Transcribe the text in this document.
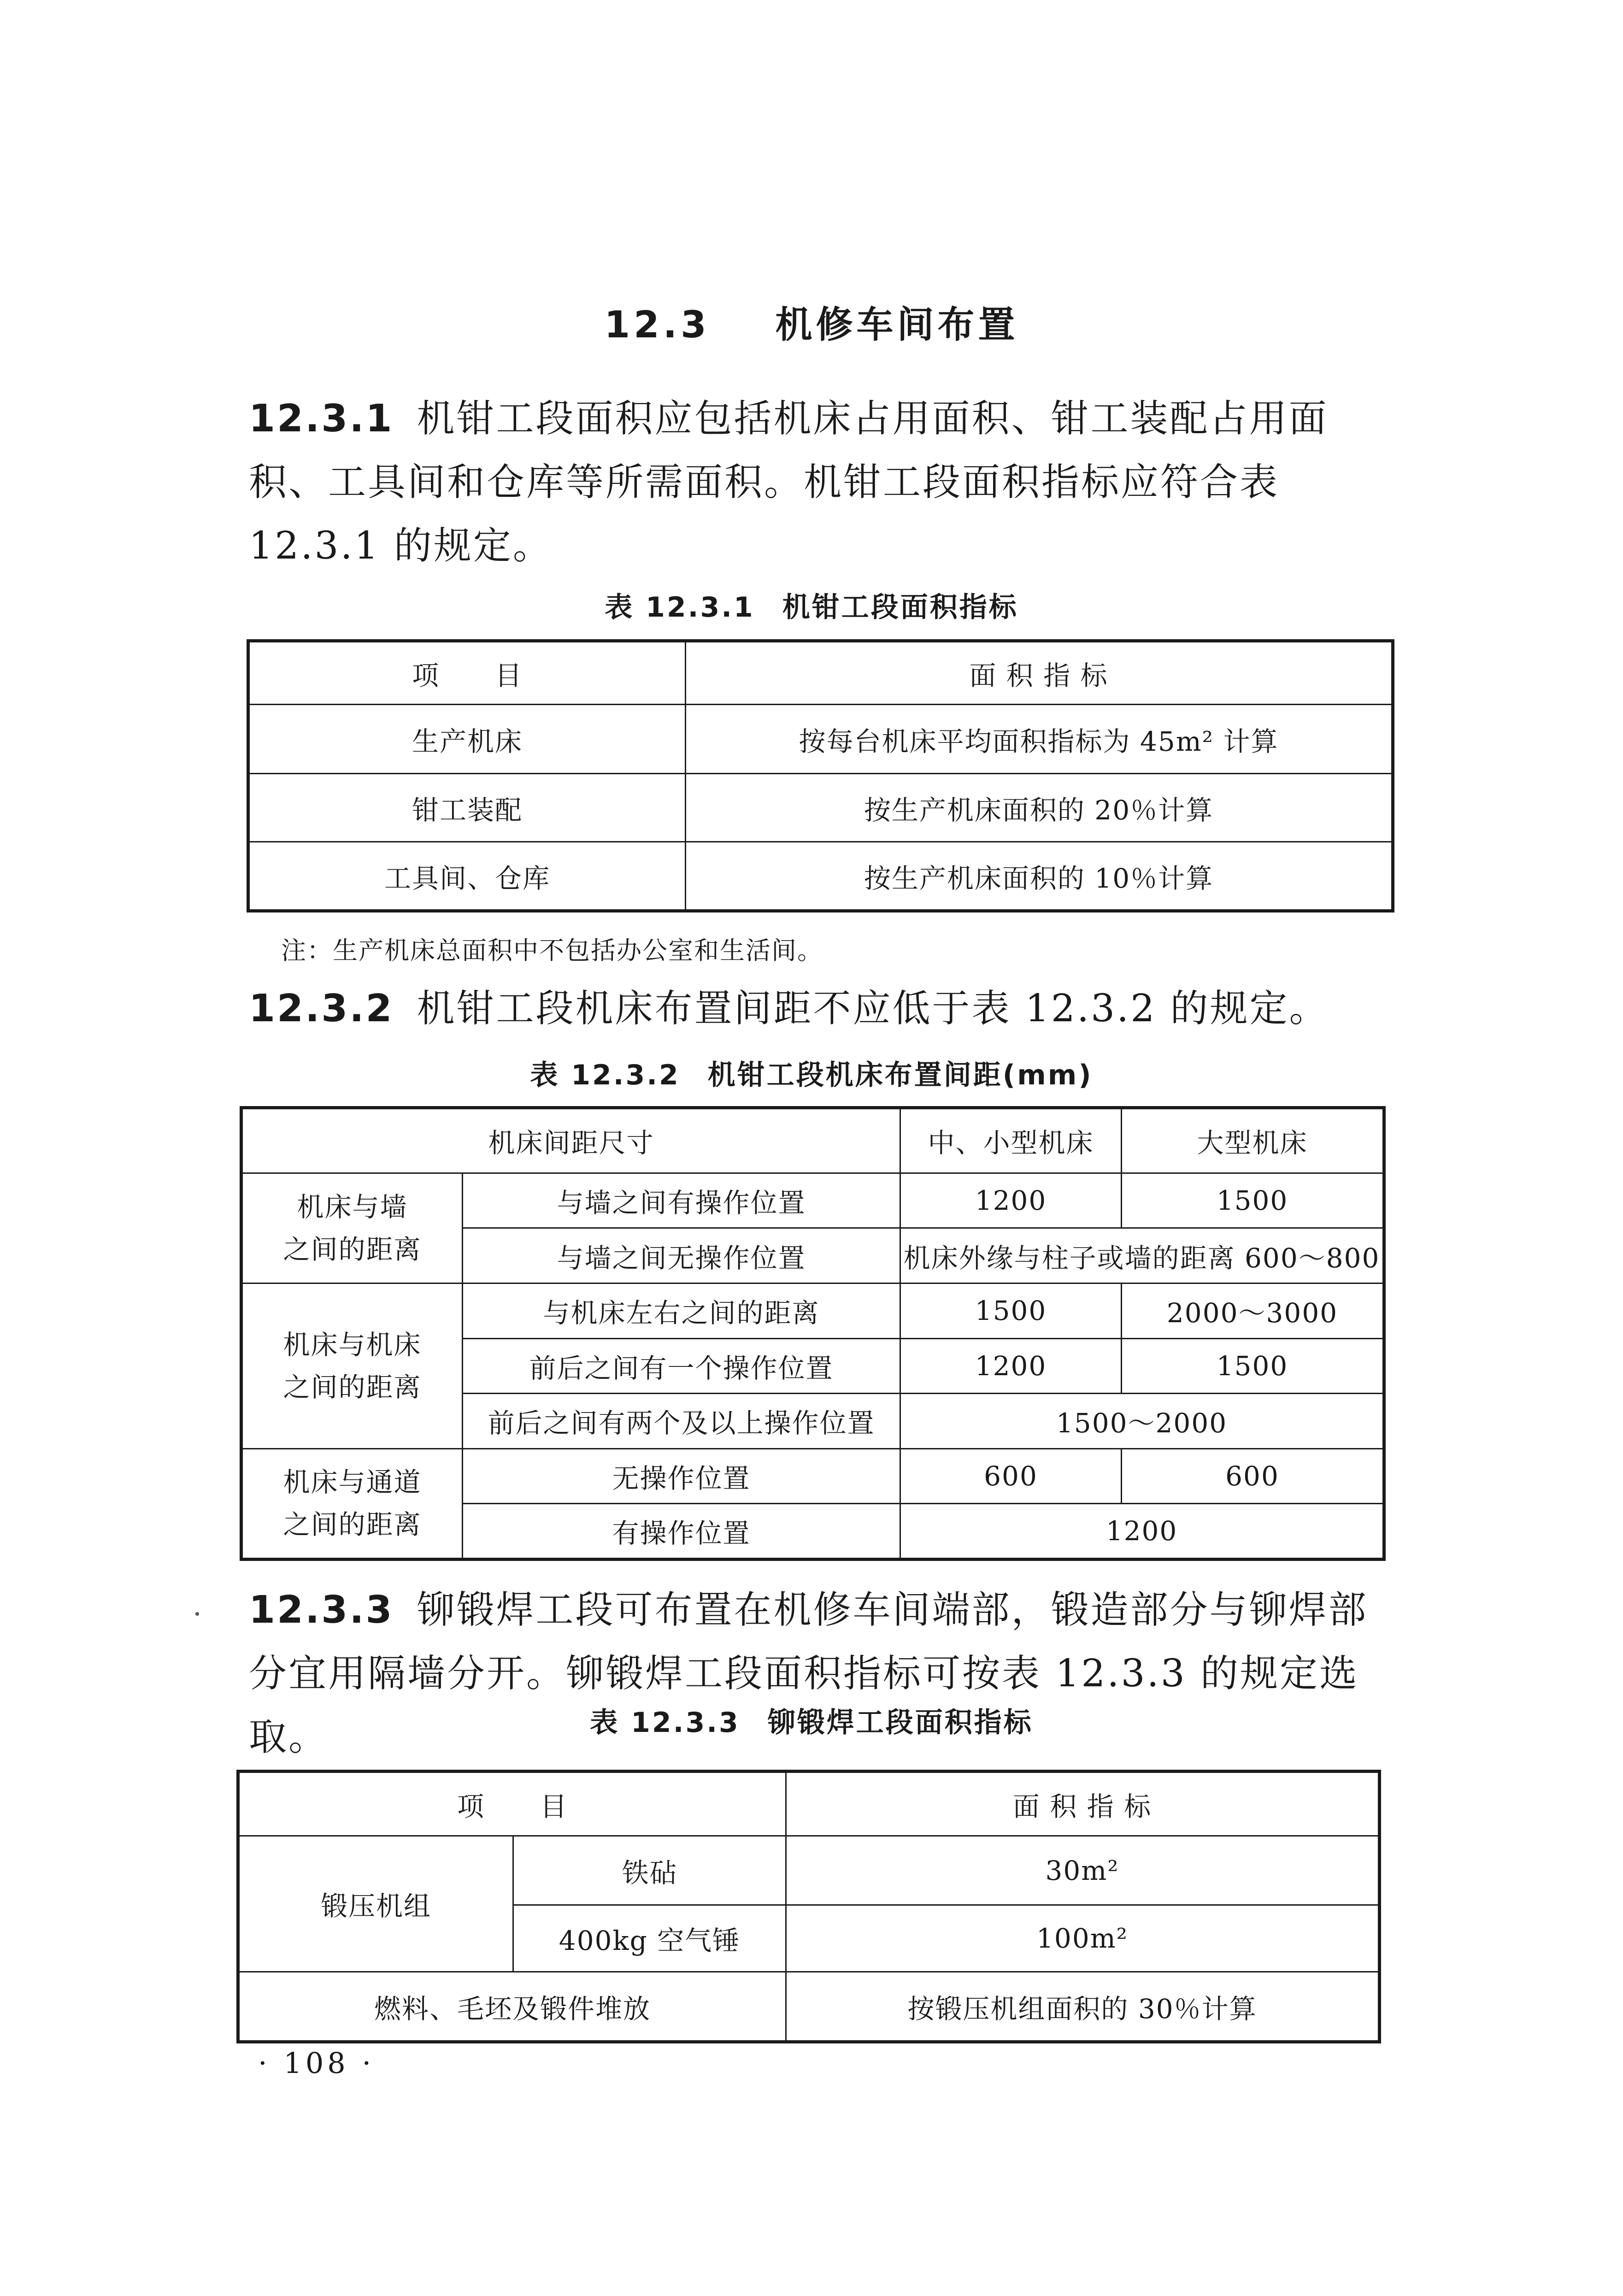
12.3 机修车间布置

12.3.1 机钳工段面积应包括机床占用面积、钳工装配占用面积、工具间和仓库等所需面积。机钳工段面积指标应符合表 12.3.1 的规定。

表 12.3.1 机钳工段面积指标
项　　目	面 积 指 标
生产机床	按每台机床平均面积指标为 45m² 计算
钳工装配	按生产机床面积的 20％计算
工具间、仓库	按生产机床面积的 10％计算
注：生产机床总面积中不包括办公室和生活间。

12.3.2 机钳工段机床布置间距不应低于表 12.3.2 的规定。

表 12.3.2 机钳工段机床布置间距(mm)
机床间距尺寸		中、小型机床	大型机床
机床与墙
之间的距离	与墙之间有操作位置	1200	1500
	与墙之间无操作位置	机床外缘与柱子或墙的距离 600～800	
机床与机床
之间的距离	与机床左右之间的距离	1500	2000～3000
	前后之间有一个操作位置	1200	1500
	前后之间有两个及以上操作位置	1500～2000	
机床与通道
之间的距离	无操作位置	600	600
	有操作位置	1200	

12.3.3 铆锻焊工段可布置在机修车间端部，锻造部分与铆焊部分宜用隔墙分开。铆锻焊工段面积指标可按表 12.3.3 的规定选取。	表 12.3.3 铆锻焊工段面积指标
项　　目		面 积 指 标
锻压机组	铁砧	30m²
	400kg 空气锤	100m²
燃料、毛坯及锻件堆放		按锻压机组面积的 30％计算
· 108 ·
